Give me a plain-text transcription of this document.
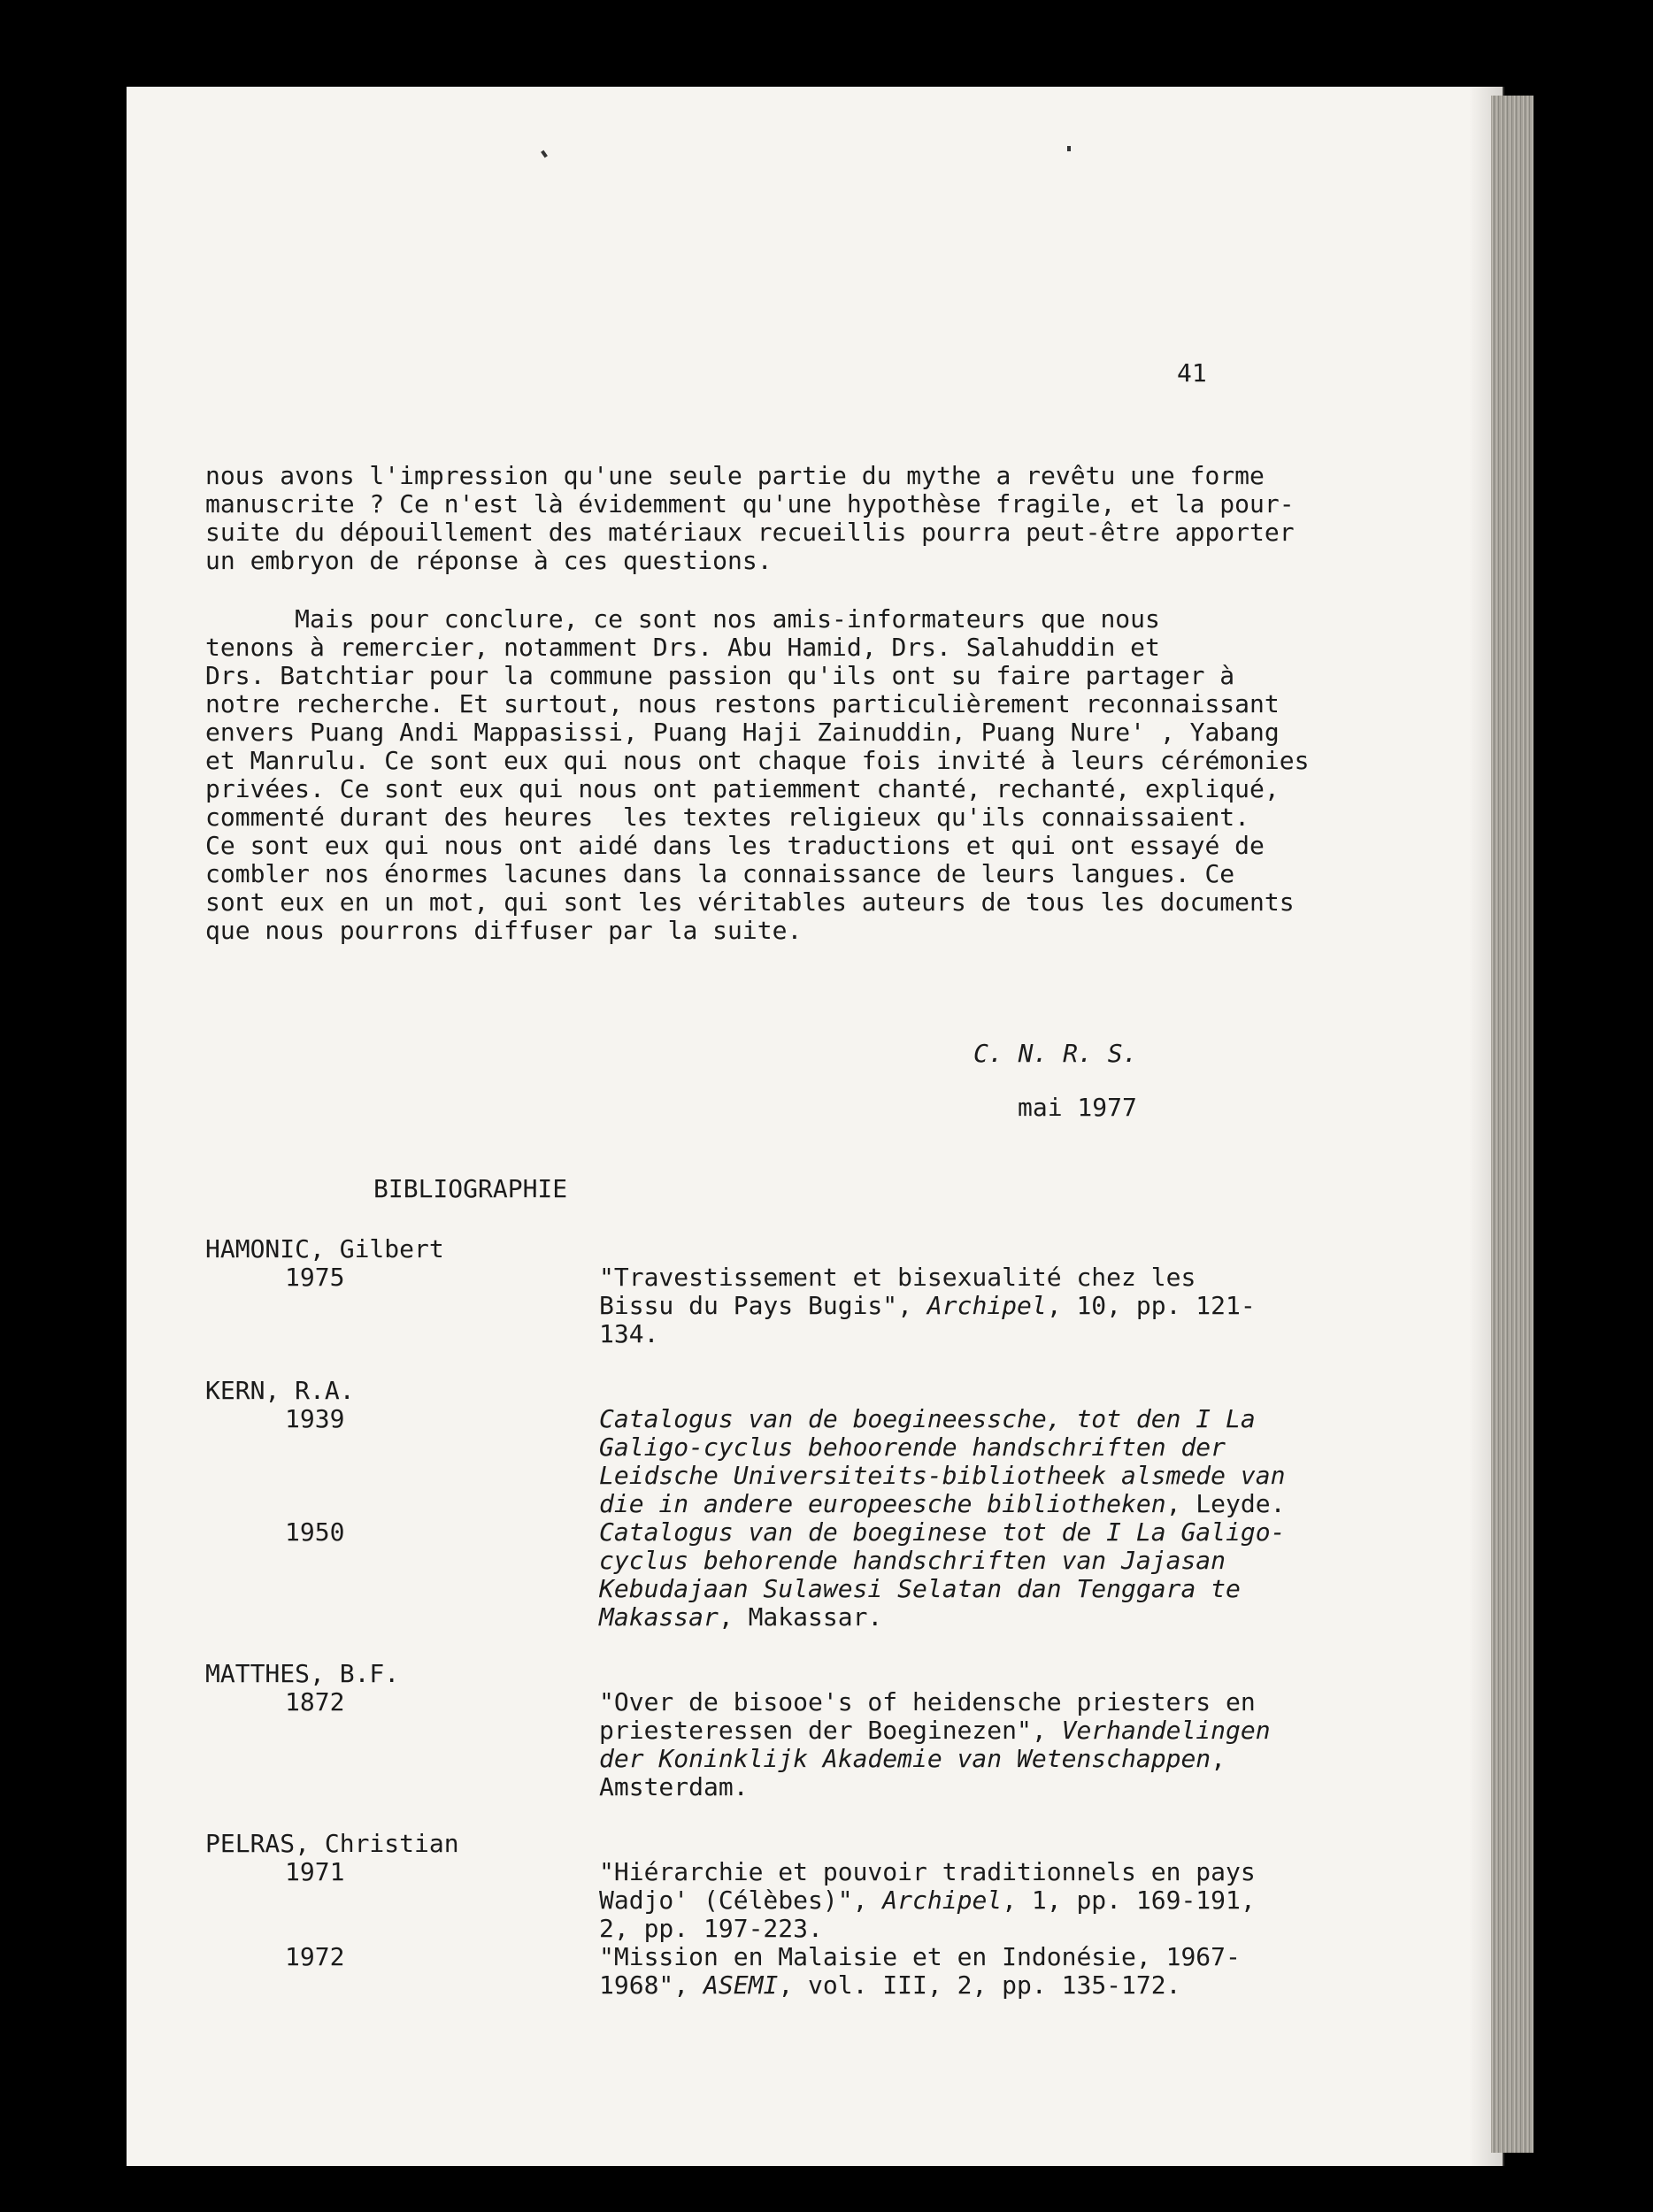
41
nous avons l'impression qu'une seule partie du mythe a revêtu une forme
manuscrite ? Ce n'est là évidemment qu'une hypothèse fragile, et la pour-
suite du dépouillement des matériaux recueillis pourra peut-être apporter
un embryon de réponse à ces questions.
Mais pour conclure, ce sont nos amis-informateurs que nous
tenons à remercier, notamment Drs. Abu Hamid, Drs. Salahuddin et
Drs. Batchtiar pour la commune passion qu'ils ont su faire partager à
notre recherche. Et surtout, nous restons particulièrement reconnaissant
envers Puang Andi Mappasissi, Puang Haji Zainuddin, Puang Nure' , Yabang
et Manrulu. Ce sont eux qui nous ont chaque fois invité à leurs cérémonies
privées. Ce sont eux qui nous ont patiemment chanté, rechanté, expliqué,
commenté durant des heures  les textes religieux qu'ils connaissaient.
Ce sont eux qui nous ont aidé dans les traductions et qui ont essayé de
combler nos énormes lacunes dans la connaissance de leurs langues. Ce
sont eux en un mot, qui sont les véritables auteurs de tous les documents
que nous pourrons diffuser par la suite.
C. N. R. S.
mai 1977
BIBLIOGRAPHIE
HAMONIC, Gilbert
1975	"Travestissement et bisexualité chez les
Bissu du Pays Bugis", Archipel, 10, pp. 121-
134.
KERN, R.A.
1939	Catalogus van de boegineessche, tot den I La
Galigo-cyclus behoorende handschriften der
Leidsche Universiteits-bibliotheek alsmede van
die in andere europeesche bibliotheken, Leyde.
1950	Catalogus van de boeginese tot de I La Galigo-
cyclus behorende handschriften van Jajasan
Kebudajaan Sulawesi Selatan dan Tenggara te
Makassar, Makassar.
MATTHES, B.F.
1872	"Over de bisooe's of heidensche priesters en
priesteressen der Boeginezen", Verhandelingen
der Koninklijk Akademie van Wetenschappen,
Amsterdam.
PELRAS, Christian
1971	"Hiérarchie et pouvoir traditionnels en pays
Wadjo' (Célèbes)", Archipel, 1, pp. 169-191,
2, pp. 197-223.
1972	"Mission en Malaisie et en Indonésie, 1967-
1968", ASEMI, vol. III, 2, pp. 135-172.
